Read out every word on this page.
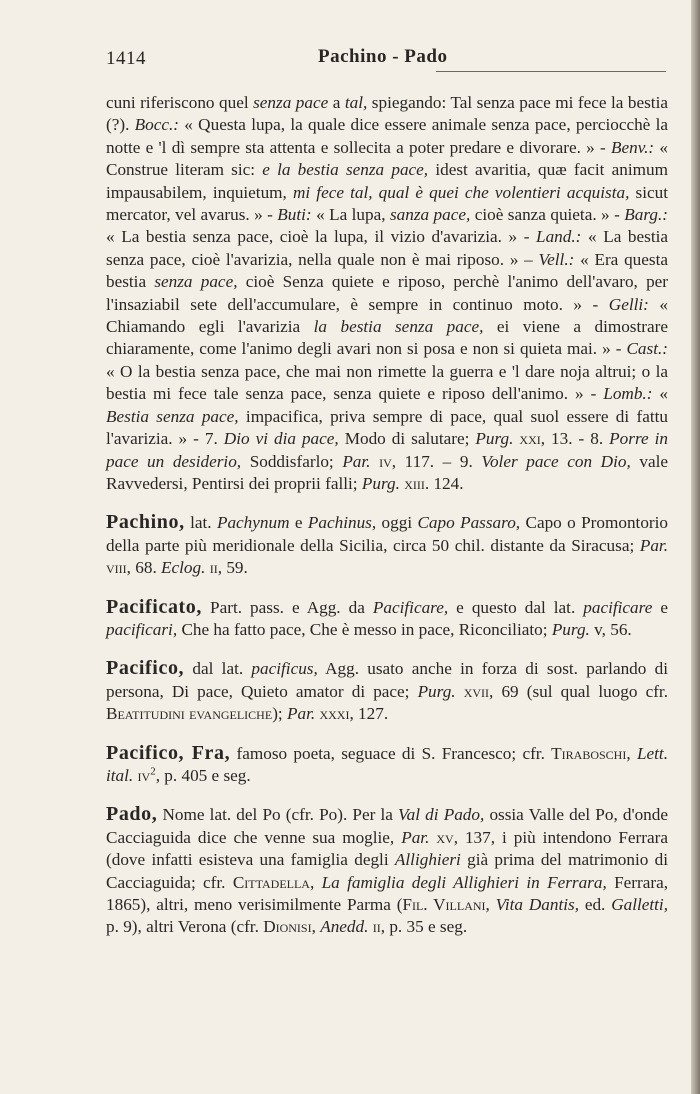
1414	Pachino - Pado

cuni riferiscono quel senza pace a tal, spiegando: Tal senza pace mi fece la bestia (?). Bocc.: « Questa lupa, la quale dice essere animale senza pace, perciocchè la notte e 'l dì sempre sta attenta e sollecita a poter predare e divorare. » - Benv.: « Construe literam sic: e la bestia senza pace, idest avaritia, quæ facit animum impausabilem, inquietum, mi fece tal, qual è quei che volentieri acquista, sicut mercator, vel avarus. » - Buti: « La lupa, sanza pace, cioè sanza quieta. » - Barg.: « La bestia senza pace, cioè la lupa, il vizio d'avarizia. » - Land.: « La bestia senza pace, cioè l'avarizia, nella quale non è mai riposo. » – Vell.: « Era questa bestia senza pace, cioè Senza quiete e riposo, perchè l'animo dell'avaro, per l'insaziabil sete dell'accumulare, è sempre in continuo moto. » - Gelli: « Chiamando egli l'avarizia la bestia senza pace, ei viene a dimostrare chiaramente, come l'animo degli avari non si posa e non si quieta mai. » - Cast.: « O la bestia senza pace, che mai non rimette la guerra e 'l dare noja altrui; o la bestia mi fece tale senza pace, senza quiete e riposo dell'animo. » - Lomb.: « Bestia senza pace, impacifica, priva sempre di pace, qual suol essere di fattu l'avarizia. » - 7. Dio vi dia pace, Modo di salutare; Purg. xxi, 13. - 8. Porre in pace un desiderio, Soddisfarlo; Par. iv, 117. – 9. Voler pace con Dio, vale Ravvedersi, Pentirsi dei proprii falli; Purg. xiii. 124.

Pachino, lat. Pachynum e Pachinus, oggi Capo Passaro, Capo o Promontorio della parte più meridionale della Sicilia, circa 50 chil. distante da Siracusa; Par. viii, 68. Eclog. ii, 59.

Pacificato, Part. pass. e Agg. da Pacificare, e questo dal lat. pacificare e pacificari, Che ha fatto pace, Che è messo in pace, Riconciliato; Purg. v, 56.

Pacifico, dal lat. pacificus, Agg. usato anche in forza di sost. parlando di persona, Di pace, Quieto amator di pace; Purg. xvii, 69 (sul qual luogo cfr. Beatitudini evangeliche); Par. xxxi, 127.

Pacifico, Fra, famoso poeta, seguace di S. Francesco; cfr. Tiraboschi, Lett. ital. $iv^2$, p. 405 e seg.

Pado, Nome lat. del Po (cfr. Po). Per la Val di Pado, ossia Valle del Po, d'onde Cacciaguida dice che venne sua moglie, Par. xv, 137, i più intendono Ferrara (dove infatti esisteva una famiglia degli Allighieri già prima del matrimonio di Cacciaguida; cfr. Cittadella, La famiglia degli Allighieri in Ferrara, Ferrara, 1865), altri, meno verisimilmente Parma (Fil. Villani, Vita Dantis, ed. Galletti, p. 9), altri Verona (cfr. Dionisi, Anedd. ii, p. 35 e seg.
